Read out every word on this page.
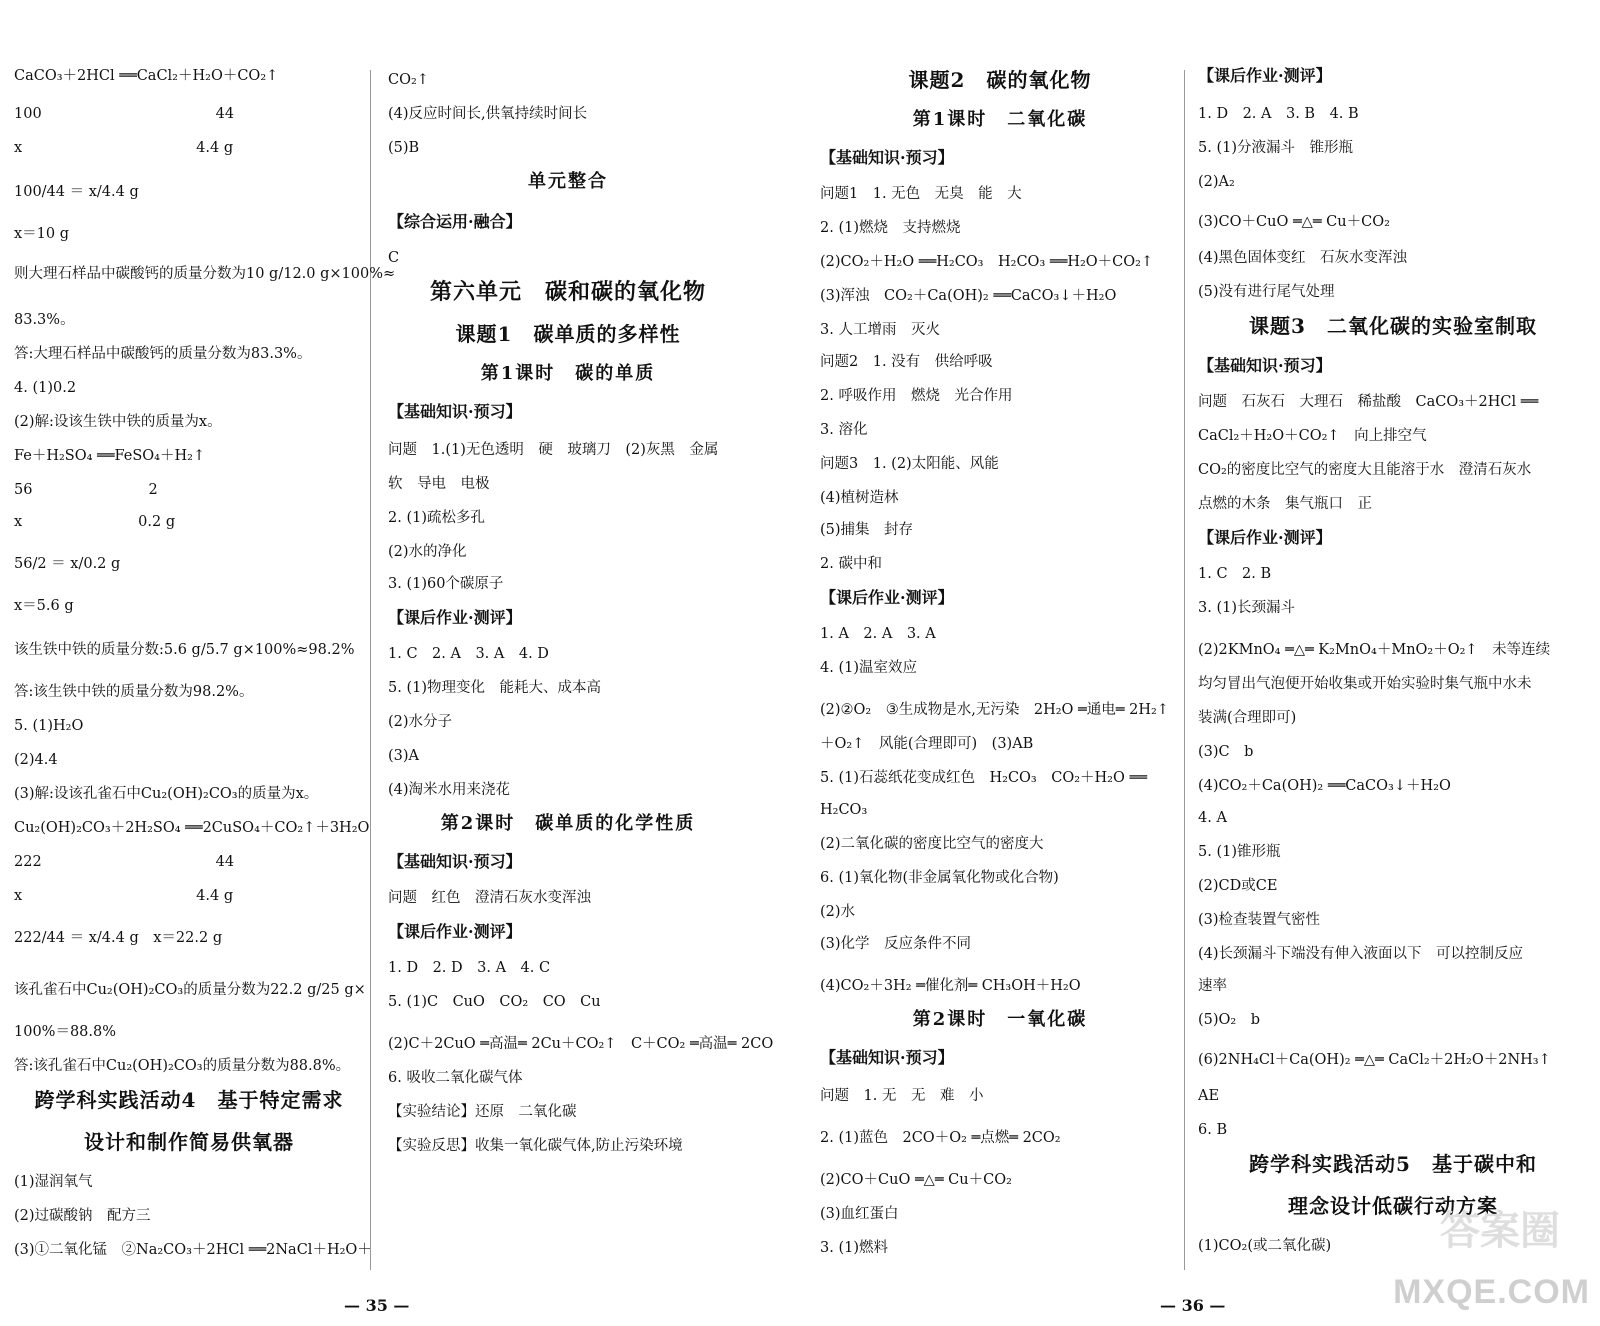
CaCO₃＋2HCl ══CaCl₂＋H₂O＋CO₂↑
100　　　　　　　　　　　　44
x　　　　　　　　　　　　4.4 g
100/44 ＝ x/4.4 g
x＝10 g
则大理石样品中碳酸钙的质量分数为10 g/12.0 g×100%≈
83.3%。
答:大理石样品中碳酸钙的质量分数为83.3%。
4. (1)0.2
(2)解:设该生铁中铁的质量为x。
Fe＋H₂SO₄ ══FeSO₄＋H₂↑
56　　　　　　　　2
x　　　　　　　　0.2 g
56/2 ＝ x/0.2 g
x＝5.6 g
该生铁中铁的质量分数:5.6 g/5.7 g×100%≈98.2%
答:该生铁中铁的质量分数为98.2%。
5. (1)H₂O
(2)4.4
(3)解:设该孔雀石中Cu₂(OH)₂CO₃的质量为x。
Cu₂(OH)₂CO₃＋2H₂SO₄ ══2CuSO₄＋CO₂↑＋3H₂O
222　　　　　　　　　　　　44
x　　　　　　　　　　　　4.4 g
222/44 ＝ x/4.4 g　x＝22.2 g
该孔雀石中Cu₂(OH)₂CO₃的质量分数为22.2 g/25 g×
100%＝88.8%
答:该孔雀石中Cu₂(OH)₂CO₃的质量分数为88.8%。
跨学科实践活动4　基于特定需求
设计和制作简易供氧器
(1)湿润氧气
(2)过碳酸钠　配方三
(3)①二氧化锰　②Na₂CO₃＋2HCl ══2NaCl＋H₂O＋
CO₂↑
(4)反应时间长,供氧持续时间长
(5)B
单元整合
【综合运用·融合】
C
第六单元　碳和碳的氧化物
课题1　碳单质的多样性
第1课时　碳的单质
【基础知识·预习】
问题　1.(1)无色透明　硬　玻璃刀　(2)灰黑　金属
软　导电　电极
2. (1)疏松多孔
(2)水的净化
3. (1)60个碳原子
【课后作业·测评】
1. C　2. A　3. A　4. D
5. (1)物理变化　能耗大、成本高
(2)水分子
(3)A
(4)淘米水用来浇花
第2课时　碳单质的化学性质
【基础知识·预习】
问题　红色　澄清石灰水变浑浊
【课后作业·测评】
1. D　2. D　3. A　4. C
5. (1)C　CuO　CO₂　CO　Cu
(2)C＋2CuO ═高温═ 2Cu＋CO₂↑　C＋CO₂ ═高温═ 2CO
6. 吸收二氧化碳气体
【实验结论】还原　二氧化碳
【实验反思】收集一氧化碳气体,防止污染环境
— 35 —
课题2　碳的氧化物
第1课时　二氧化碳
【基础知识·预习】
问题1　1. 无色　无臭　能　大
2. (1)燃烧　支持燃烧
(2)CO₂＋H₂O ══H₂CO₃　H₂CO₃ ══H₂O＋CO₂↑
(3)浑浊　CO₂＋Ca(OH)₂ ══CaCO₃↓＋H₂O
3. 人工增雨　灭火
问题2　1. 没有　供给呼吸
2. 呼吸作用　燃烧　光合作用
3. 溶化
问题3　1. (2)太阳能、风能
(4)植树造林
(5)捕集　封存
2. 碳中和
【课后作业·测评】
1. A　2. A　3. A
4. (1)温室效应
(2)②O₂　③生成物是水,无污染　2H₂O ═通电═ 2H₂↑
＋O₂↑　风能(合理即可)　(3)AB
5. (1)石蕊纸花变成红色　H₂CO₃　CO₂＋H₂O ══
H₂CO₃
(2)二氧化碳的密度比空气的密度大
6. (1)氧化物(非金属氧化物或化合物)
(2)水
(3)化学　反应条件不同
(4)CO₂＋3H₂ ═催化剂═ CH₃OH＋H₂O
第2课时　一氧化碳
【基础知识·预习】
问题　1. 无　无　难　小
2. (1)蓝色　2CO＋O₂ ═点燃═ 2CO₂
(2)CO＋CuO ═△═ Cu＋CO₂
(3)血红蛋白
3. (1)燃料
【课后作业·测评】
1. D　2. A　3. B　4. B
5. (1)分液漏斗　锥形瓶
(2)A₂
(3)CO＋CuO ═△═ Cu＋CO₂
(4)黑色固体变红　石灰水变浑浊
(5)没有进行尾气处理
课题3　二氧化碳的实验室制取
【基础知识·预习】
问题　石灰石　大理石　稀盐酸　CaCO₃＋2HCl ══
CaCl₂＋H₂O＋CO₂↑　向上排空气
CO₂的密度比空气的密度大且能溶于水　澄清石灰水
点燃的木条　集气瓶口　正
【课后作业·测评】
1. C　2. B
3. (1)长颈漏斗
(2)2KMnO₄ ═△═ K₂MnO₄＋MnO₂＋O₂↑　未等连续
均匀冒出气泡便开始收集或开始实验时集气瓶中水未
装满(合理即可)
(3)C　b
(4)CO₂＋Ca(OH)₂ ══CaCO₃↓＋H₂O
4. A
5. (1)锥形瓶
(2)CD或CE
(3)检查装置气密性
(4)长颈漏斗下端没有伸入液面以下　可以控制反应
速率
(5)O₂　b
(6)2NH₄Cl＋Ca(OH)₂ ═△═ CaCl₂＋2H₂O＋2NH₃↑
AE
6. B
跨学科实践活动5　基于碳中和
理念设计低碳行动方案
(1)CO₂(或二氧化碳)
— 36 —
答案圈
MXQE.COM
